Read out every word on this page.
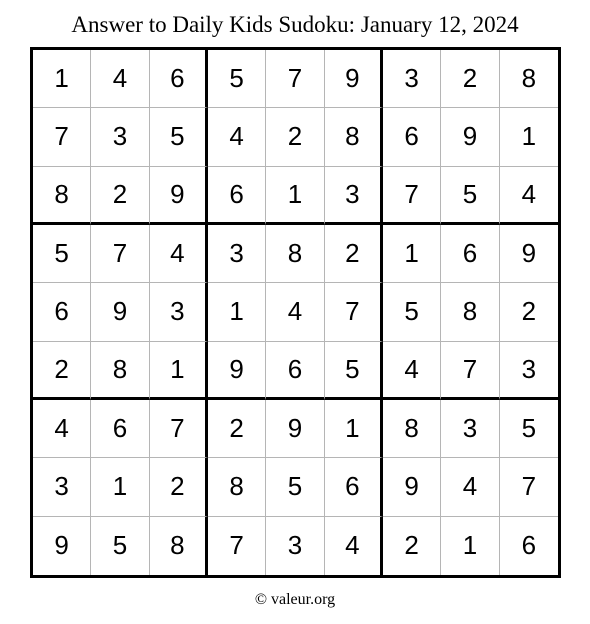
Answer to Daily Kids Sudoku: January 12, 2024
1	4	6	5	7	9	3	2	8
7	3	5	4	2	8	6	9	1
8	2	9	6	1	3	7	5	4
5	7	4	3	8	2	1	6	9
6	9	3	1	4	7	5	8	2
2	8	1	9	6	5	4	7	3
4	6	7	2	9	1	8	3	5
3	1	2	8	5	6	9	4	7
9	5	8	7	3	4	2	1	6
© valeur.org
